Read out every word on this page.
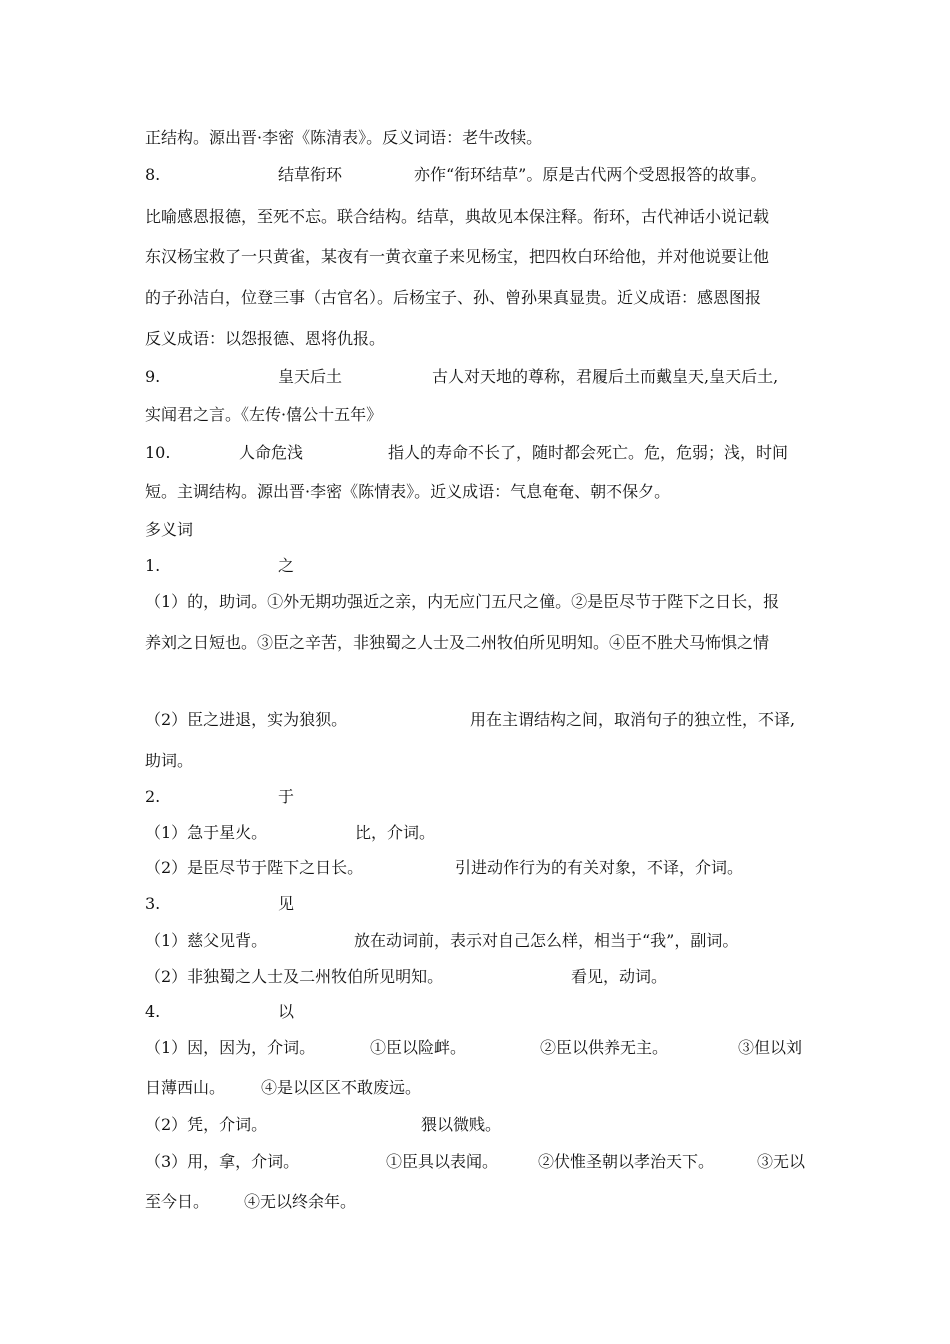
正结构。源出晋·李密《陈清表》。反义词语：老牛改犊。
8.	结草衔环	亦作“衔环结草”。原是古代两个受恩报答的故事。
比喻感恩报德，至死不忘。联合结构。结草，典故见本保注释。衔环，古代神话小说记载
东汉杨宝救了一只黄雀，某夜有一黄衣童子来见杨宝，把四枚白环给他，并对他说要让他
的子孙洁白，位登三事（古官名）。后杨宝子、孙、曾孙果真显贵。近义成语：感恩图报
反义成语：以怨报德、恩将仇报。
9.	皇天后土	古人对天地的尊称，君履后土而戴皇天,皇天后土,
实闻君之言。《左传·僖公十五年》
10.	人命危浅	指人的寿命不长了，随时都会死亡。危，危弱；浅，时间
短。主调结构。源出晋·李密《陈情表》。近义成语：气息奄奄、朝不保夕。
多义词
1.	之
（1）的，助词。①外无期功强近之亲，内无应门五尺之僮。②是臣尽节于陛下之日长，报
养刘之日短也。③臣之辛苦，非独蜀之人士及二州牧伯所见明知。④臣不胜犬马怖惧之情
（2）臣之进退，实为狼狈。	用在主谓结构之间，取消句子的独立性，不译,
助词。
2.	于
（1）急于星火。	比，介词。
（2）是臣尽节于陛下之日长。	引进动作行为的有关对象，不译，介词。
3.	见
（1）慈父见背。	放在动词前，表示对自己怎么样，相当于“我”，副词。
（2）非独蜀之人士及二州牧伯所见明知。	看见，动词。
4.	以
（1）因，因为，介词。	①臣以险衅。	②臣以供养无主。	③但以刘
日薄西山。 ④是以区区不敢废远。
（2）凭，介词。	猥以微贱。
（3）用，拿，介词。	①臣具以表闻。 ②伏惟圣朝以孝治天下。	③无以
至今日。 ④无以终余年。
